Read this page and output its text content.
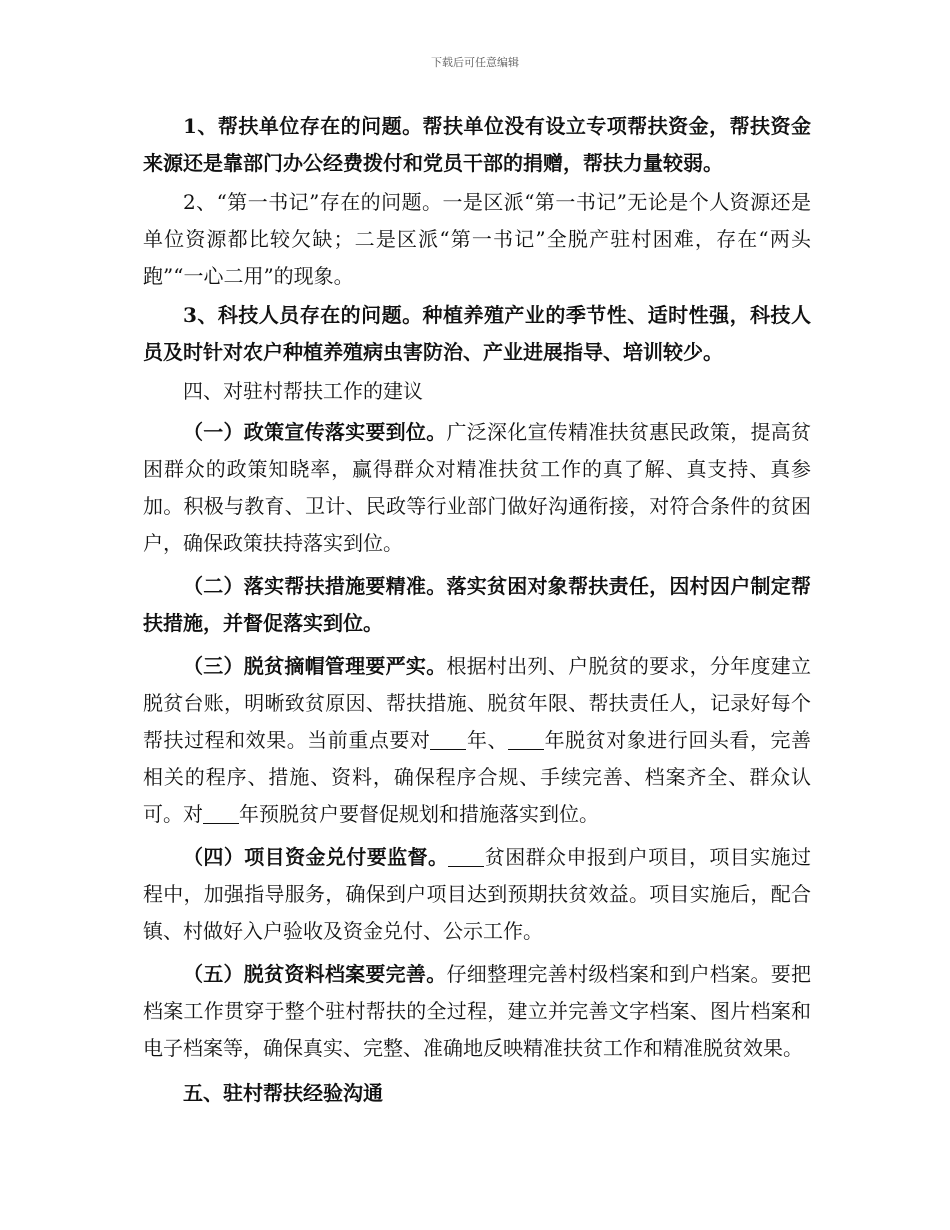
下载后可任意编辑

1、帮扶单位存在的问题。帮扶单位没有设立专项帮扶资金，帮扶资金来源还是靠部门办公经费拨付和党员干部的捐赠，帮扶力量较弱。

2、“第一书记”存在的问题。一是区派“第一书记”无论是个人资源还是单位资源都比较欠缺；二是区派“第一书记”全脱产驻村困难，存在“两头跑”“一心二用”的现象。

3、科技人员存在的问题。种植养殖产业的季节性、适时性强，科技人员及时针对农户种植养殖病虫害防治、产业进展指导、培训较少。

四、对驻村帮扶工作的建议

（一）政策宣传落实要到位。广泛深化宣传精准扶贫惠民政策，提高贫困群众的政策知晓率，赢得群众对精准扶贫工作的真了解、真支持、真参加。积极与教育、卫计、民政等行业部门做好沟通衔接，对符合条件的贫困户，确保政策扶持落实到位。

（二）落实帮扶措施要精准。落实贫困对象帮扶责任，因村因户制定帮扶措施，并督促落实到位。

（三）脱贫摘帽管理要严实。根据村出列、户脱贫的要求，分年度建立脱贫台账，明晰致贫原因、帮扶措施、脱贫年限、帮扶责任人，记录好每个帮扶过程和效果。当前重点要对 年、 年脱贫对象进行回头看，完善相关的程序、措施、资料，确保程序合规、手续完善、档案齐全、群众认可。对 年预脱贫户要督促规划和措施落实到位。

（四）项目资金兑付要监督。 贫困群众申报到户项目，项目实施过程中，加强指导服务，确保到户项目达到预期扶贫效益。项目实施后，配合镇、村做好入户验收及资金兑付、公示工作。

（五）脱贫资料档案要完善。仔细整理完善村级档案和到户档案。要把档案工作贯穿于整个驻村帮扶的全过程，建立并完善文字档案、图片档案和电子档案等，确保真实、完整、准确地反映精准扶贫工作和精准脱贫效果。

五、驻村帮扶经验沟通
